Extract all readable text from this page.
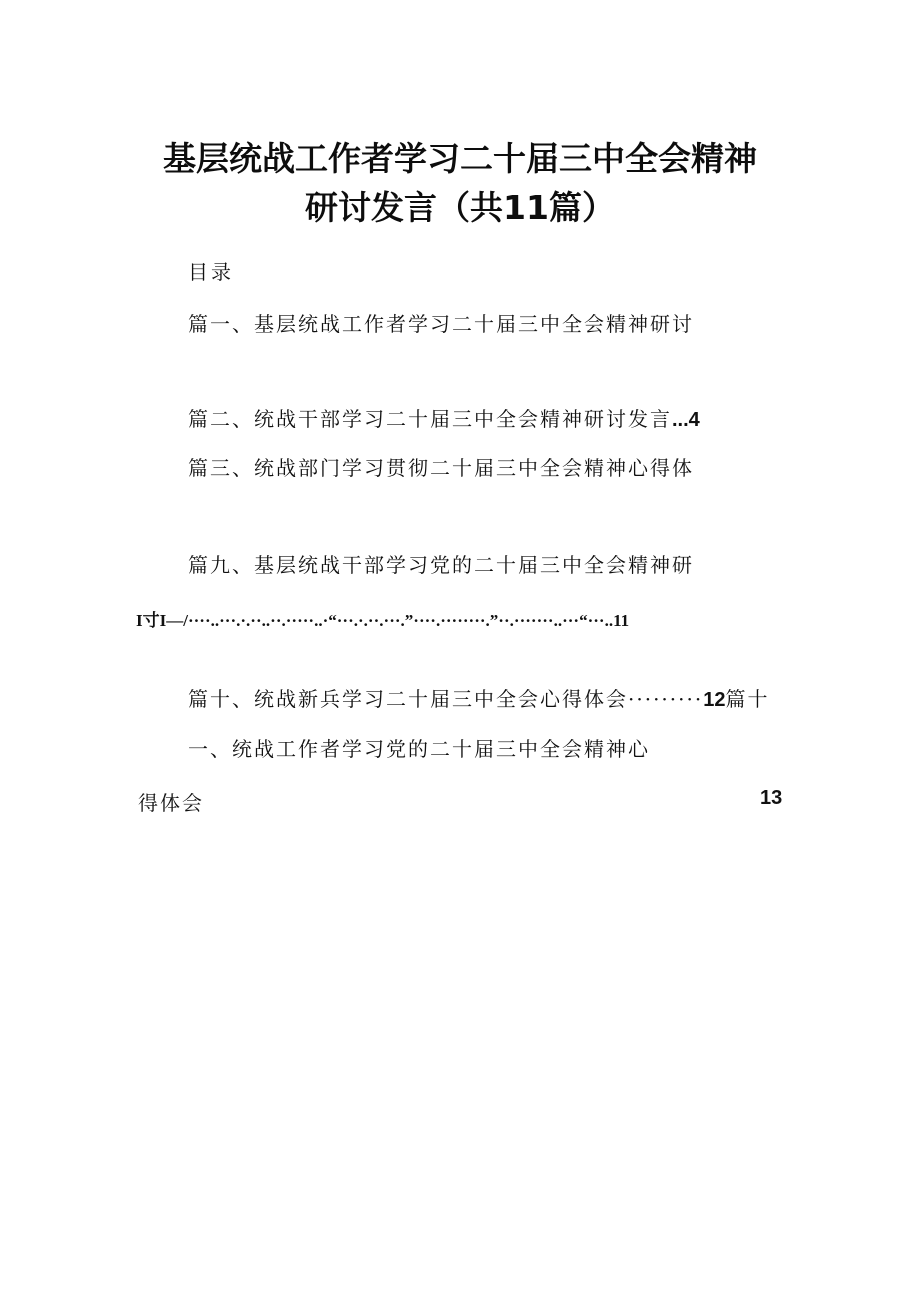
基层统战工作者学习二十届三中全会精神
研讨发言（共11篇）
目录
篇一、基层统战工作者学习二十届三中全会精神研讨
篇二、统战干部学习二十届三中全会精神研讨发言...4
篇三、统战部门学习贯彻二十届三中全会精神心得体
篇九、基层统战干部学习党的二十届三中全会精神研
I寸I—/····..···.·.··..··.·····..·“···.·.··.···.”····.········.”··.·······..···“···..11
篇十、统战新兵学习二十届三中全会心得体会·········12篇十
一、统战工作者学习党的二十届三中全会精神心
得体会	13
